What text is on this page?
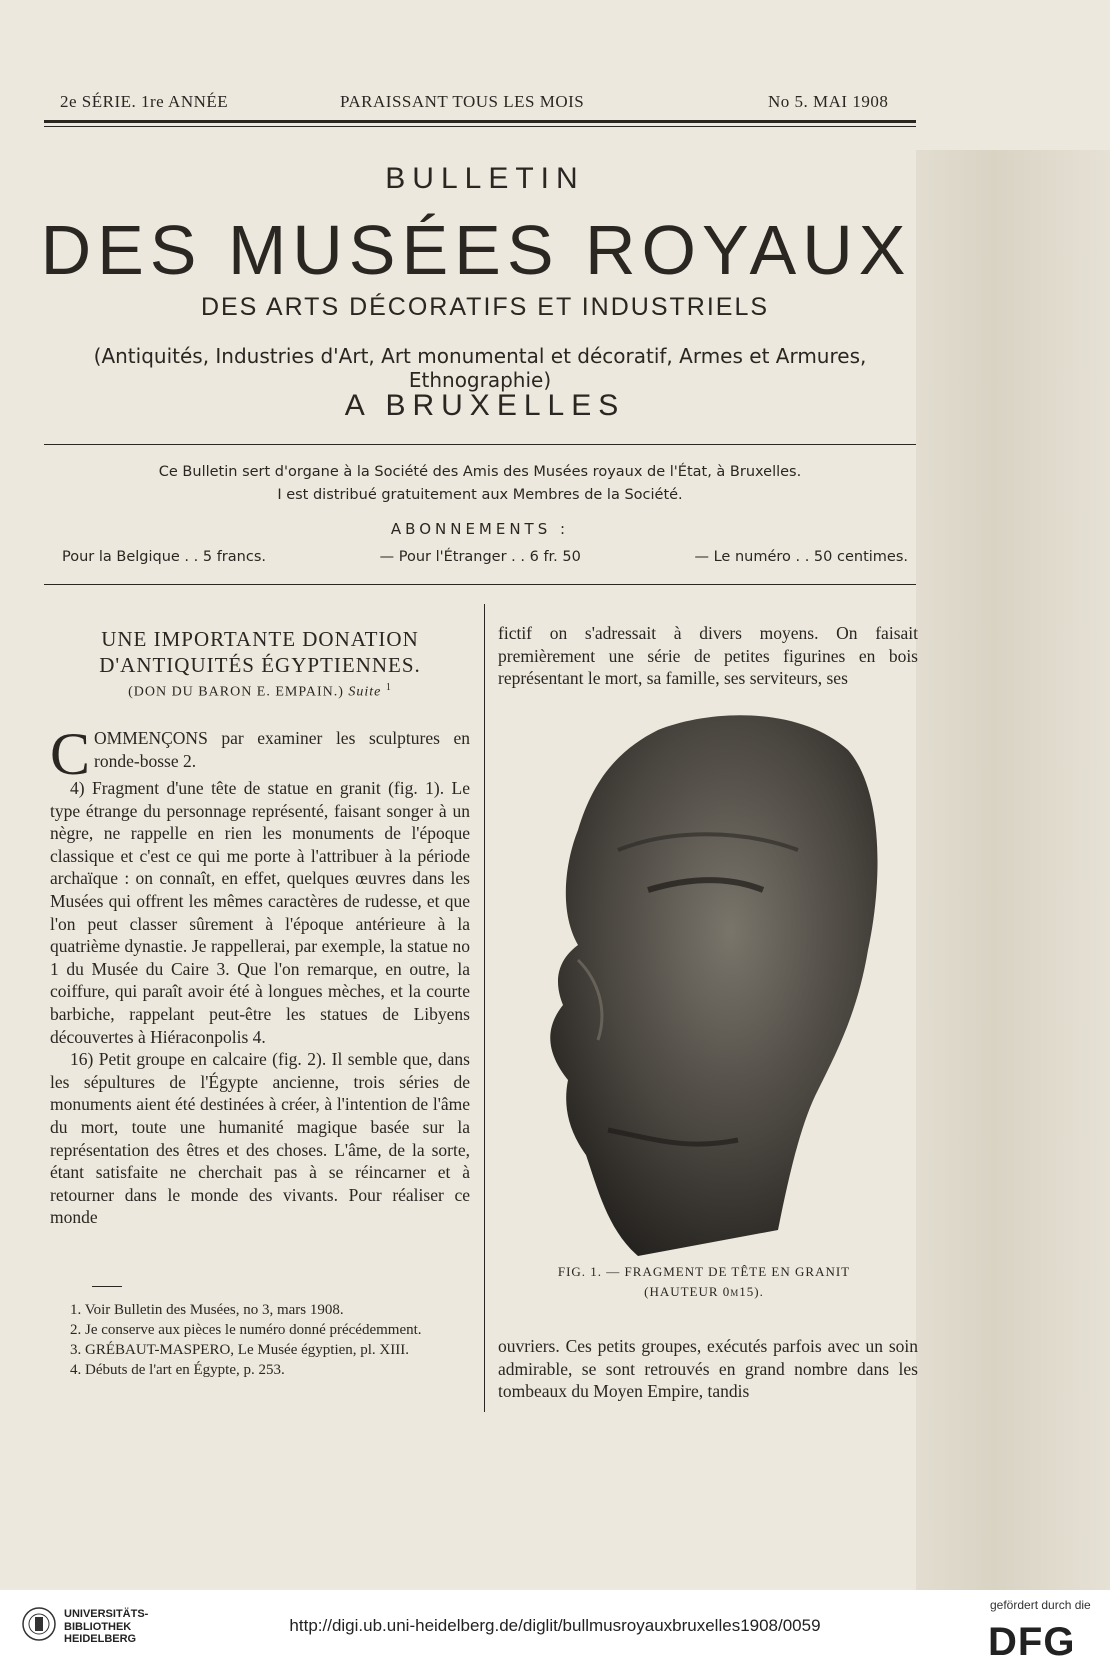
2e SÉRIE. 1re ANNÉE	PARAISSANT TOUS LES MOIS	No 5. MAI 1908
BULLETIN
DES MUSÉES ROYAUX
DES ARTS DÉCORATIFS ET INDUSTRIELS
(Antiquités, Industries d'Art, Art monumental et décoratif, Armes et Armures, Ethnographie)
A BRUXELLES
Ce Bulletin sert d'organe à la Société des Amis des Musées royaux de l'État, à Bruxelles.
I est distribué gratuitement aux Membres de la Société.
ABONNEMENTS :
Pour la Belgique . . 5 francs.	— Pour l'Étranger . . 6 fr. 50	— Le numéro . . 50 centimes.
UNE IMPORTANTE DONATION
D'ANTIQUITÉS ÉGYPTIENNES.
(DON DU BARON E. EMPAIN.) Suite $^1$

C OMMENÇONS par examiner les sculptures en ronde-bosse 2.

4) Fragment d'une tête de statue en granit (fig. 1). Le type étrange du personnage représenté, faisant songer à un nègre, ne rappelle en rien les monuments de l'époque classique et c'est ce qui me porte à l'attribuer à la période archaïque : on connaît, en effet, quelques œuvres dans les Musées qui offrent les mêmes caractères de rudesse, et que l'on peut classer sûrement à l'époque antérieure à la quatrième dynastie. Je rappellerai, par exemple, la statue no 1 du Musée du Caire 3. Que l'on remarque, en outre, la coiffure, qui paraît avoir été à longues mèches, et la courte barbiche, rappelant peut-être les statues de Libyens découvertes à Hiéraconpolis 4.

16) Petit groupe en calcaire (fig. 2). Il semble que, dans les sépultures de l'Égypte ancienne, trois séries de monuments aient été destinées à créer, à l'intention de l'âme du mort, toute une humanité magique basée sur la représentation des êtres et des choses. L'âme, de la sorte, étant satisfaite ne cherchait pas à se réincarner et à retourner dans le monde des vivants. Pour réaliser ce monde

fictif on s'adressait à divers moyens. On faisait premièrement une série de petites figurines en bois représentant le mort, sa famille, ses serviteurs, ses
FIG. 1. — FRAGMENT DE TÊTE EN GRANIT
(HAUTEUR 0m15).
ouvriers. Ces petits groupes, exécutés parfois avec un soin admirable, se sont retrouvés en grand nombre dans les tombeaux du Moyen Empire, tandis
1. Voir Bulletin des Musées, no 3, mars 1908.
2. Je conserve aux pièces le numéro donné précédemment.
3. GRÉBAUT-MASPERO, Le Musée égyptien, pl. XIII.
4. Débuts de l'art en Égypte, p. 253.
UNIVERSITÄTS-
BIBLIOTHEK
HEIDELBERG
http://digi.ub.uni-heidelberg.de/diglit/bullmusroyauxbruxelles1908/0059
gefördert durch die
DFG
